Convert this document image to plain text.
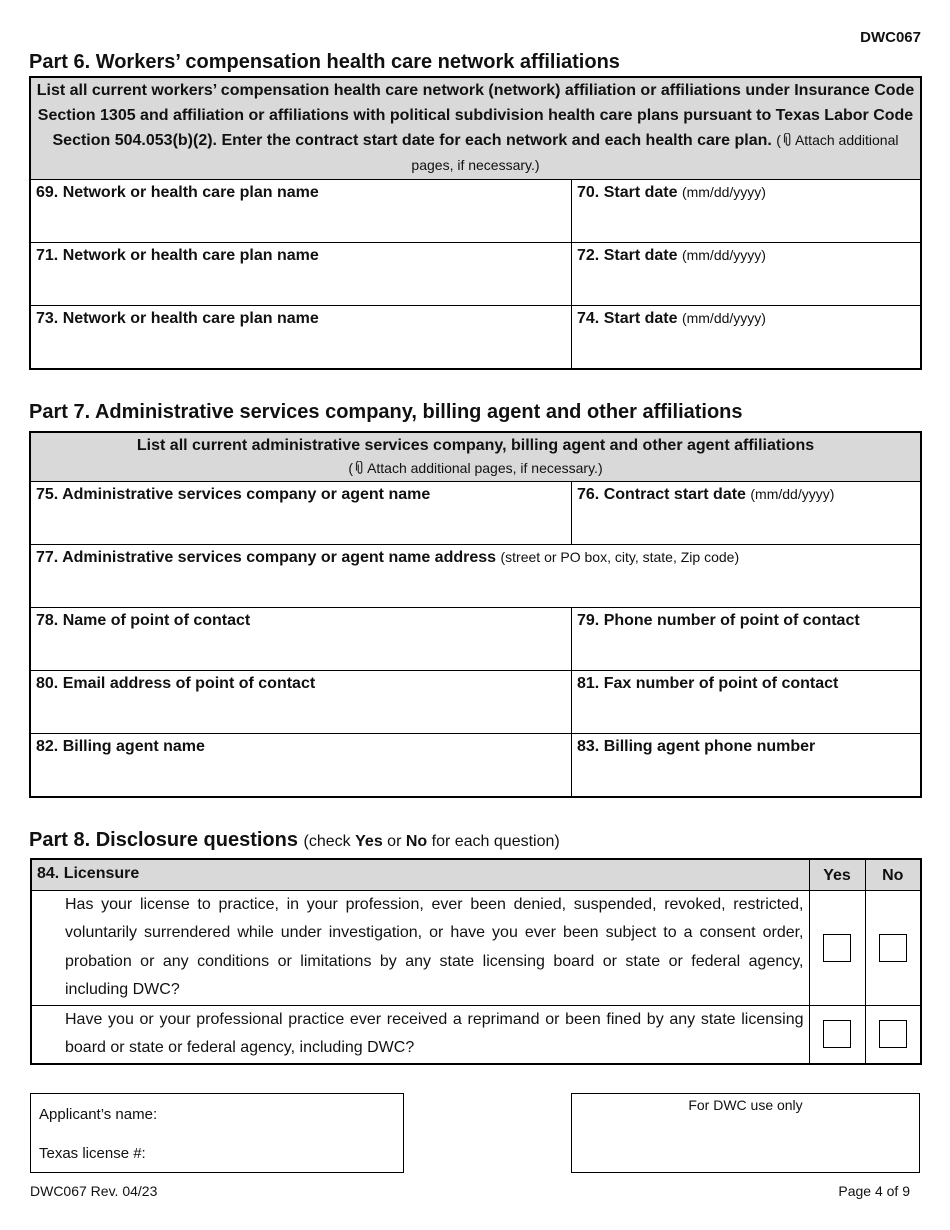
DWC067
Part 6. Workers’ compensation health care network affiliations
List all current workers’ compensation health care network (network) affiliation or affiliations under Insurance Code Section 1305 and affiliation or affiliations with political subdivision health care plans pursuant to Texas Labor Code Section 504.053(b)(2). Enter the contract start date for each network and each health care plan. ( Attach additional pages, if necessary.)	
69. Network or health care plan name	70. Start date (mm/dd/yyyy)
71. Network or health care plan name	72. Start date (mm/dd/yyyy)
73. Network or health care plan name	74. Start date (mm/dd/yyyy)
Part 7. Administrative services company, billing agent and other affiliations
List all current administrative services company, billing agent and other agent affiliations
( Attach additional pages, if necessary.)	
75. Administrative services company or agent name	76. Contract start date (mm/dd/yyyy)
77. Administrative services company or agent name address (street or PO box, city, state, Zip code)	
78. Name of point of contact	79. Phone number of point of contact
80. Email address of point of contact	81. Fax number of point of contact
82. Billing agent name	83. Billing agent phone number
Part 8. Disclosure questions (check Yes or No for each question)
84. Licensure	Yes	No
Has your license to practice, in your profession, ever been denied, suspended, revoked, restricted, voluntarily surrendered while under investigation, or have you ever been subject to a consent order, probation or any conditions or limitations by any state licensing board or state or federal agency, including DWC?	

Have you or your professional practice ever received a reprimand or been fined by any state licensing board or state or federal agency, including DWC?	

Applicant’s name:
Texas license #:
For DWC use only
DWC067 Rev. 04/23	Page 4 of 9
